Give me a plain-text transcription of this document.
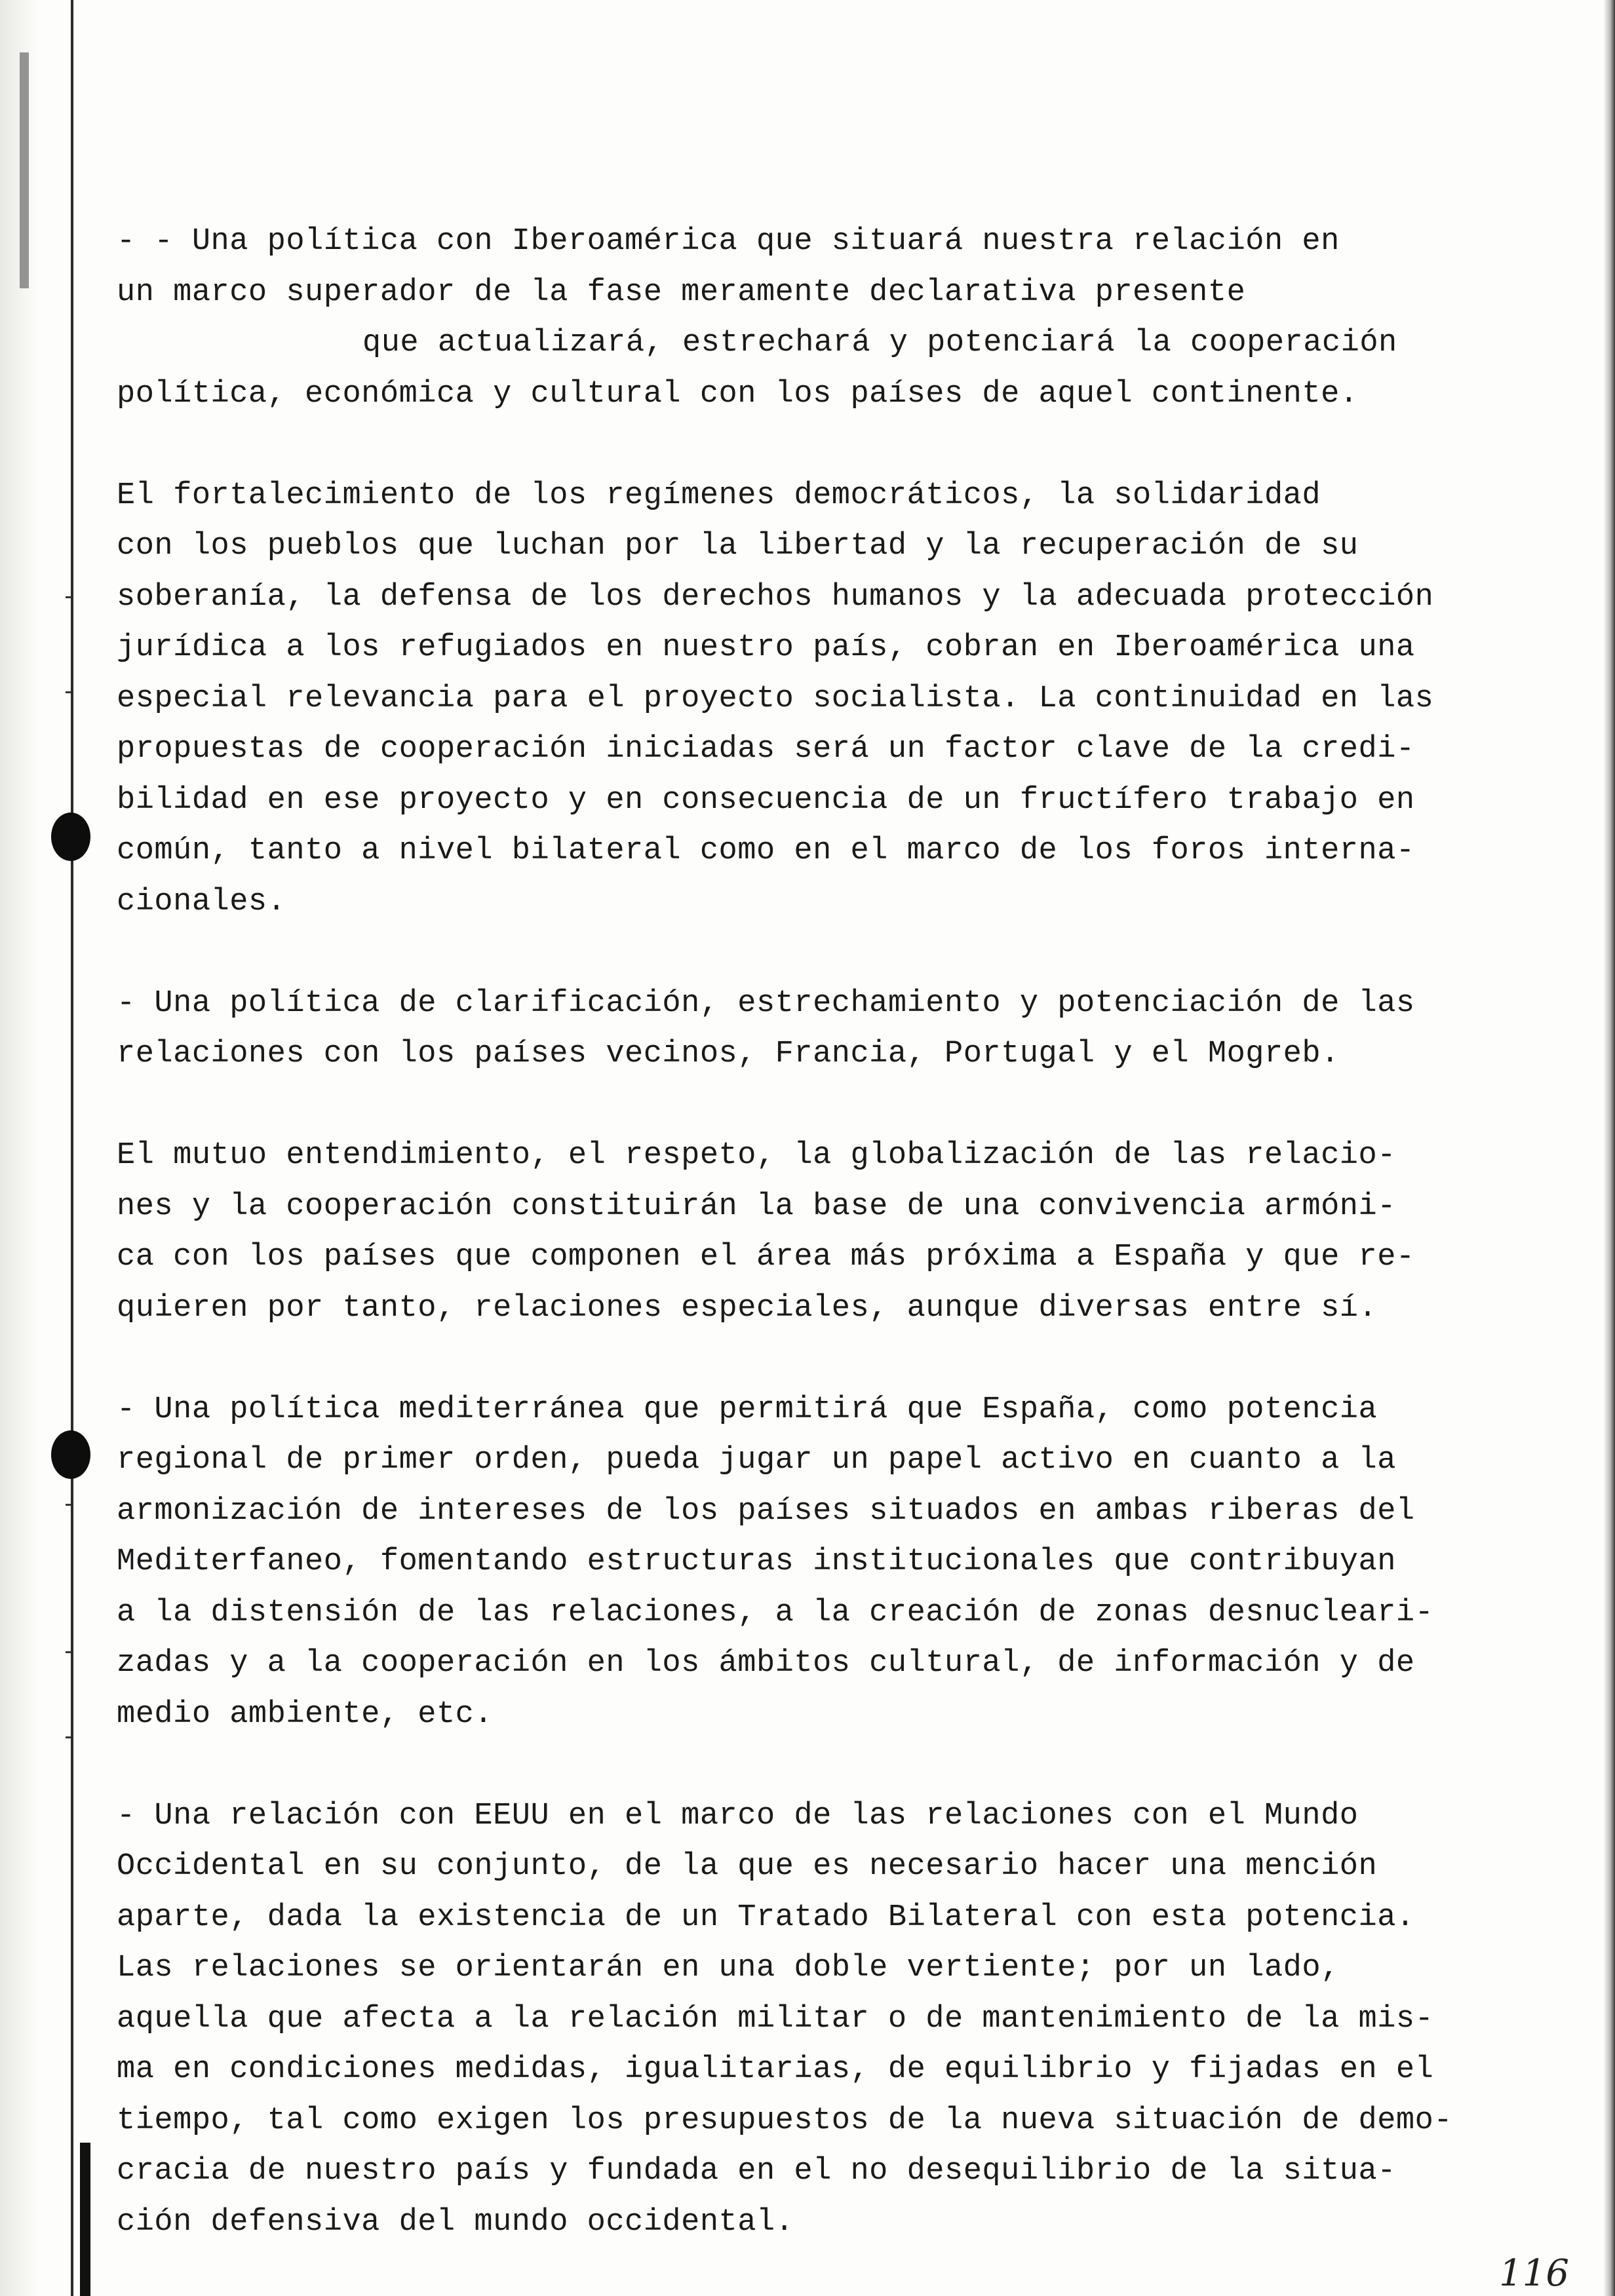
- - Una política con Iberoamérica que situará nuestra relación en
un marco superador de la fase meramente declarativa presente
que actualizará, estrechará y potenciará la cooperación
política, económica y cultural con los países de aquel continente.
El fortalecimiento de los regímenes democráticos, la solidaridad
con los pueblos que luchan por la libertad y la recuperación de su
soberanía, la defensa de los derechos humanos y la adecuada protección
jurídica a los refugiados en nuestro país, cobran en Iberoamérica una
especial relevancia para el proyecto socialista. La continuidad en las
propuestas de cooperación iniciadas será un factor clave de la credi-
bilidad en ese proyecto y en consecuencia de un fructífero trabajo en
común, tanto a nivel bilateral como en el marco de los foros interna-
cionales.
- Una política de clarificación, estrechamiento y potenciación de las
relaciones con los países vecinos, Francia, Portugal y el Mogreb.
El mutuo entendimiento, el respeto, la globalización de las relacio-
nes y la cooperación constituirán la base de una convivencia armóni-
ca con los países que componen el área más próxima a España y que re-
quieren por tanto, relaciones especiales, aunque diversas entre sí.
- Una política mediterránea que permitirá que España, como potencia
regional de primer orden, pueda jugar un papel activo en cuanto a la
armonización de intereses de los países situados en ambas riberas del
Mediterfaneo, fomentando estructuras institucionales que contribuyan
a la distensión de las relaciones, a la creación de zonas desnucleari-
zadas y a la cooperación en los ámbitos cultural, de información y de
medio ambiente, etc.
- Una relación con EEUU en el marco de las relaciones con el Mundo
Occidental en su conjunto, de la que es necesario hacer una mención
aparte, dada la existencia de un Tratado Bilateral con esta potencia.
Las relaciones se orientarán en una doble vertiente; por un lado,
aquella que afecta a la relación militar o de mantenimiento de la mis-
ma en condiciones medidas, igualitarias, de equilibrio y fijadas en el
tiempo, tal como exigen los presupuestos de la nueva situación de demo-
cracia de nuestro país y fundada en el no desequilibrio de la situa-
ción defensiva del mundo occidental.
116
